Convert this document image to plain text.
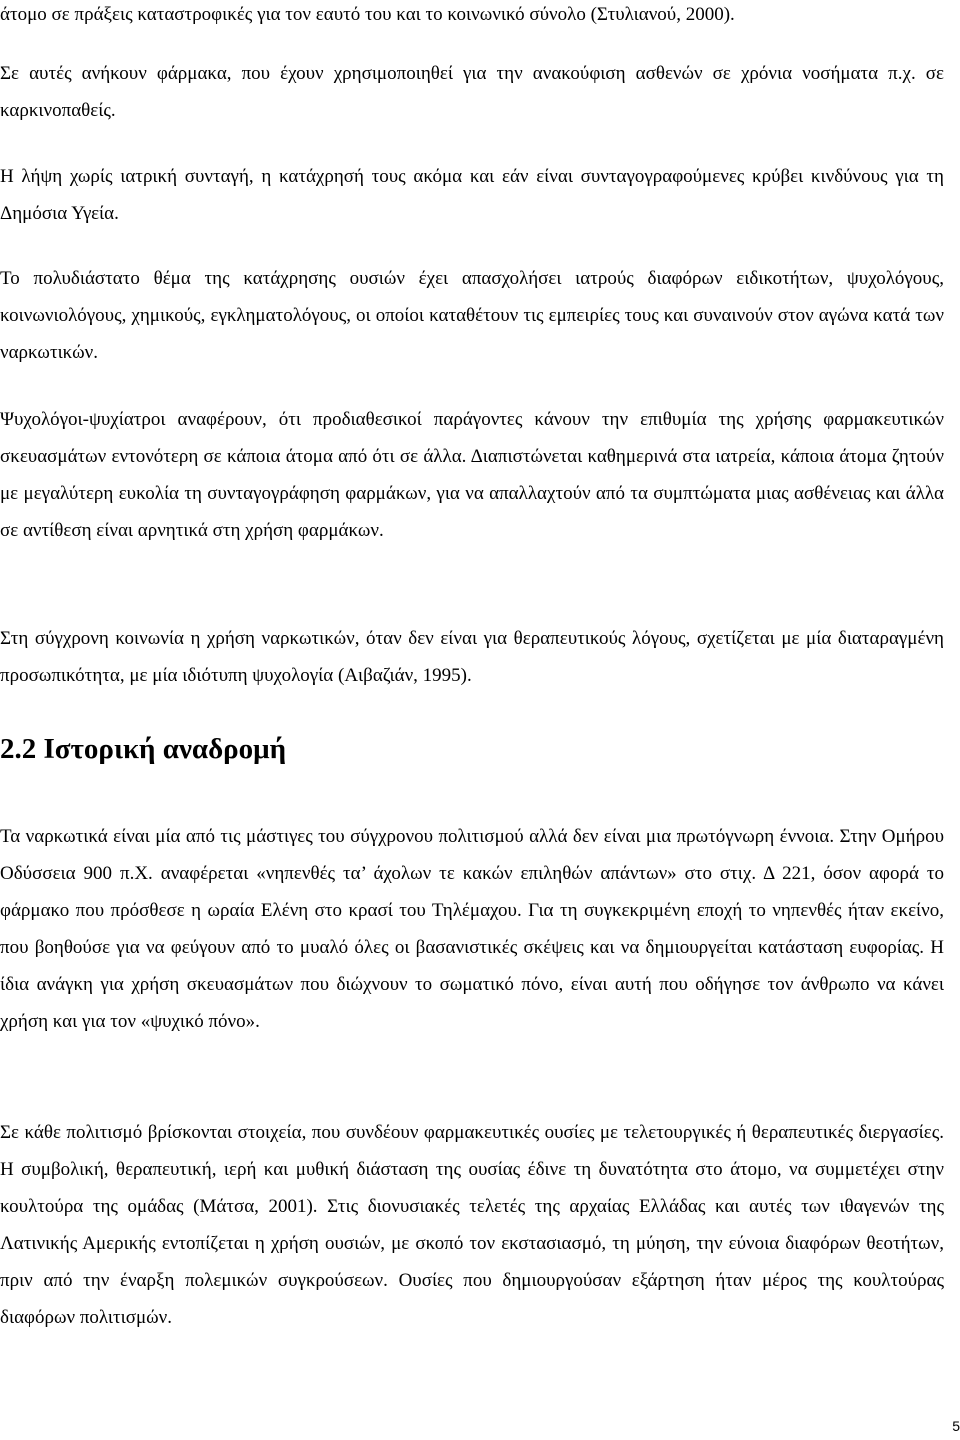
άτομο σε πράξεις καταστροφικές για τον εαυτό του και το κοινωνικό σύνολο (Στυλιανού, 2000).

Σε αυτές ανήκουν φάρμακα, που έχουν χρησιμοποιηθεί για την ανακούφιση ασθενών σε χρόνια νοσήματα π.χ. σε καρκινοπαθείς.

Η λήψη χωρίς ιατρική συνταγή, η κατάχρησή τους ακόμα και εάν είναι συνταγογραφούμενες κρύβει κινδύνους για τη Δημόσια Υγεία.

Το πολυδιάστατο θέμα της κατάχρησης ουσιών έχει απασχολήσει ιατρούς διαφόρων ειδικοτήτων, ψυχολόγους, κοινωνιολόγους, χημικούς, εγκληματολόγους, οι οποίοι καταθέτουν τις εμπειρίες τους και συναινούν στον αγώνα κατά των ναρκωτικών.

Ψυχολόγοι-ψυχίατροι αναφέρουν, ότι προδιαθεσικοί παράγοντες κάνουν την επιθυμία της χρήσης φαρμακευτικών σκευασμάτων εντονότερη σε κάποια άτομα από ότι σε άλλα. Διαπιστώνεται καθημερινά στα ιατρεία, κάποια άτομα ζητούν με μεγαλύτερη ευκολία τη συνταγογράφηση φαρμάκων, για να απαλλαχτούν από τα συμπτώματα μιας ασθένειας και άλλα σε αντίθεση είναι αρνητικά στη χρήση φαρμάκων.

Στη σύγχρονη κοινωνία η χρήση ναρκωτικών, όταν δεν είναι για θεραπευτικούς λόγους, σχετίζεται με μία διαταραγμένη προσωπικότητα, με μία ιδιότυπη ψυχολογία (Αιβαζιάν, 1995).

2.2 Ιστορική αναδρομή

Τα ναρκωτικά είναι μία από τις μάστιγες του σύγχρονου πολιτισμού αλλά δεν είναι μια πρωτόγνωρη έννοια. Στην Ομήρου Οδύσσεια 900 π.Χ. αναφέρεται «νηπενθές τα’ άχολων τε κακών επιληθών απάντων» στο στιχ. Δ 221, όσον αφορά το φάρμακο που πρόσθεσε η ωραία Ελένη στο κρασί του Τηλέμαχου. Για τη συγκεκριμένη εποχή το νηπενθές ήταν εκείνο, που βοηθούσε για να φεύγουν από το μυαλό όλες οι βασανιστικές σκέψεις και να δημιουργείται κατάσταση ευφορίας. Η ίδια ανάγκη για χρήση σκευασμάτων που διώχνουν το σωματικό πόνο, είναι αυτή που οδήγησε τον άνθρωπο να κάνει χρήση και για τον «ψυχικό πόνο».

Σε κάθε πολιτισμό βρίσκονται στοιχεία, που συνδέουν φαρμακευτικές ουσίες με τελετουργικές ή θεραπευτικές διεργασίες. Η συμβολική, θεραπευτική, ιερή και μυθική διάσταση της ουσίας έδινε τη δυνατότητα στο άτομο, να συμμετέχει στην κουλτούρα της ομάδας (Μάτσα, 2001). Στις διονυσιακές τελετές της αρχαίας Ελλάδας και αυτές των ιθαγενών της Λατινικής Αμερικής εντοπίζεται η χρήση ουσιών, με σκοπό τον εκστασιασμό, τη μύηση, την εύνοια διαφόρων θεοτήτων, πριν από την έναρξη πολεμικών συγκρούσεων. Ουσίες που δημιουργούσαν εξάρτηση ήταν μέρος της κουλτούρας διαφόρων πολιτισμών.

5
